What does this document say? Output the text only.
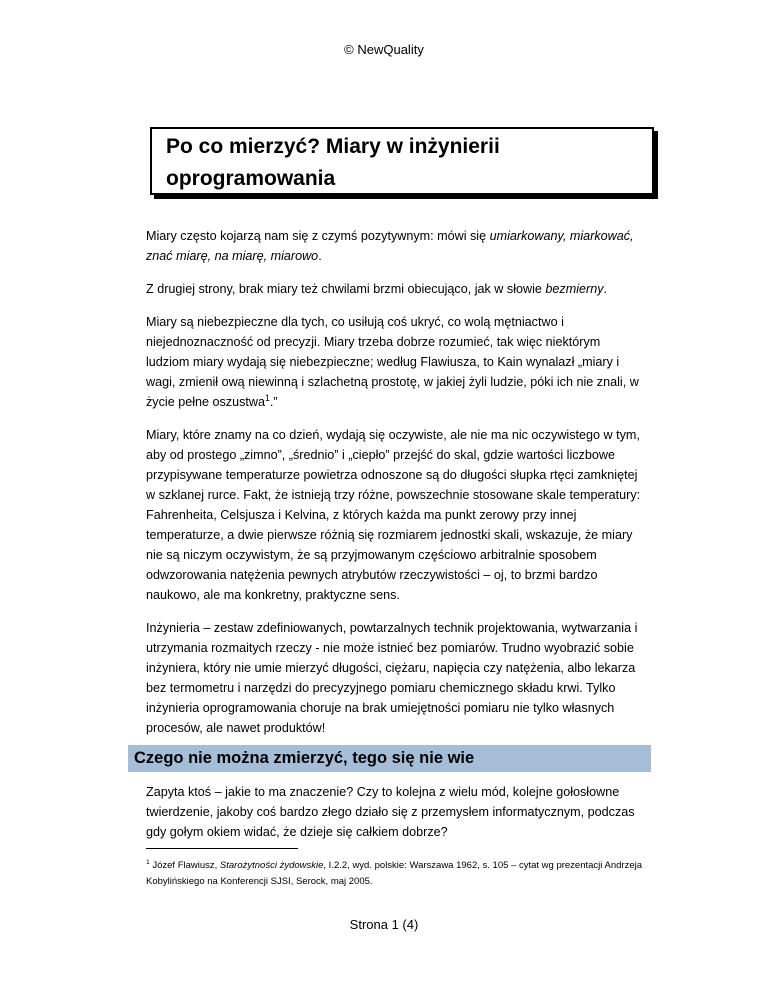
© NewQuality
Po co mierzyć? Miary w inżynierii oprogramowania

Miary często kojarzą nam się z czymś pozytywnym: mówi się umiarkowany, miarkować, znać miarę, na miarę, miarowo.

Z drugiej strony, brak miary też chwilami brzmi obiecująco, jak w słowie bezmierny.

Miary są niebezpieczne dla tych, co usiłują coś ukryć, co wolą mętniactwo i niejednoznaczność od precyzji. Miary trzeba dobrze rozumieć, tak więc niektórym ludziom miary wydają się niebezpieczne; według Flawiusza, to Kain wynalazł „miary i wagi, zmienił ową niewinną i szlachetną prostotę, w jakiej żyli ludzie, póki ich nie znali, w życie pełne oszustwa$^1$.”

Miary, które znamy na co dzień, wydają się oczywiste, ale nie ma nic oczywistego w tym, aby od prostego „zimno”, „średnio” i „ciepło” przejść do skal, gdzie wartości liczbowe przypisywane temperaturze powietrza odnoszone są do długości słupka rtęci zamkniętej w szklanej rurce. Fakt, że istnieją trzy różne, powszechnie stosowane skale temperatury: Fahrenheita, Celsjusza i Kelvina, z których każda ma punkt zerowy przy innej temperaturze, a dwie pierwsze różnią się rozmiarem jednostki skali, wskazuje, że miary nie są niczym oczywistym, że są przyjmowanym częściowo arbitralnie sposobem odwzorowania natężenia pewnych atrybutów rzeczywistości – oj, to brzmi bardzo naukowo, ale ma konkretny, praktyczne sens.

Inżynieria – zestaw zdefiniowanych, powtarzalnych technik projektowania, wytwarzania i utrzymania rozmaitych rzeczy - nie może istnieć bez pomiarów. Trudno wyobrazić sobie inżyniera, który nie umie mierzyć długości, ciężaru, napięcia czy natężenia, albo lekarza bez termometru i narzędzi do precyzyjnego pomiaru chemicznego składu krwi. Tylko inżynieria oprogramowania choruje na brak umiejętności pomiaru nie tylko własnych procesów, ale nawet produktów!

Czego nie można zmierzyć, tego się nie wie

Zapyta ktoś – jakie to ma znaczenie? Czy to kolejna z wielu mód, kolejne gołosłowne twierdzenie, jakoby coś bardzo złego działo się z przemysłem informatycznym, podczas gdy gołym okiem widać, że dzieje się całkiem dobrze?

$^1$ Józef Flawiusz, Starożytności żydowskie, I.2.2, wyd. polskie: Warszawa 1962, s. 105 – cytat wg prezentacji Andrzeja Kobylińskiego na Konferencji SJSI, Serock, maj 2005.
Strona 1 (4)
